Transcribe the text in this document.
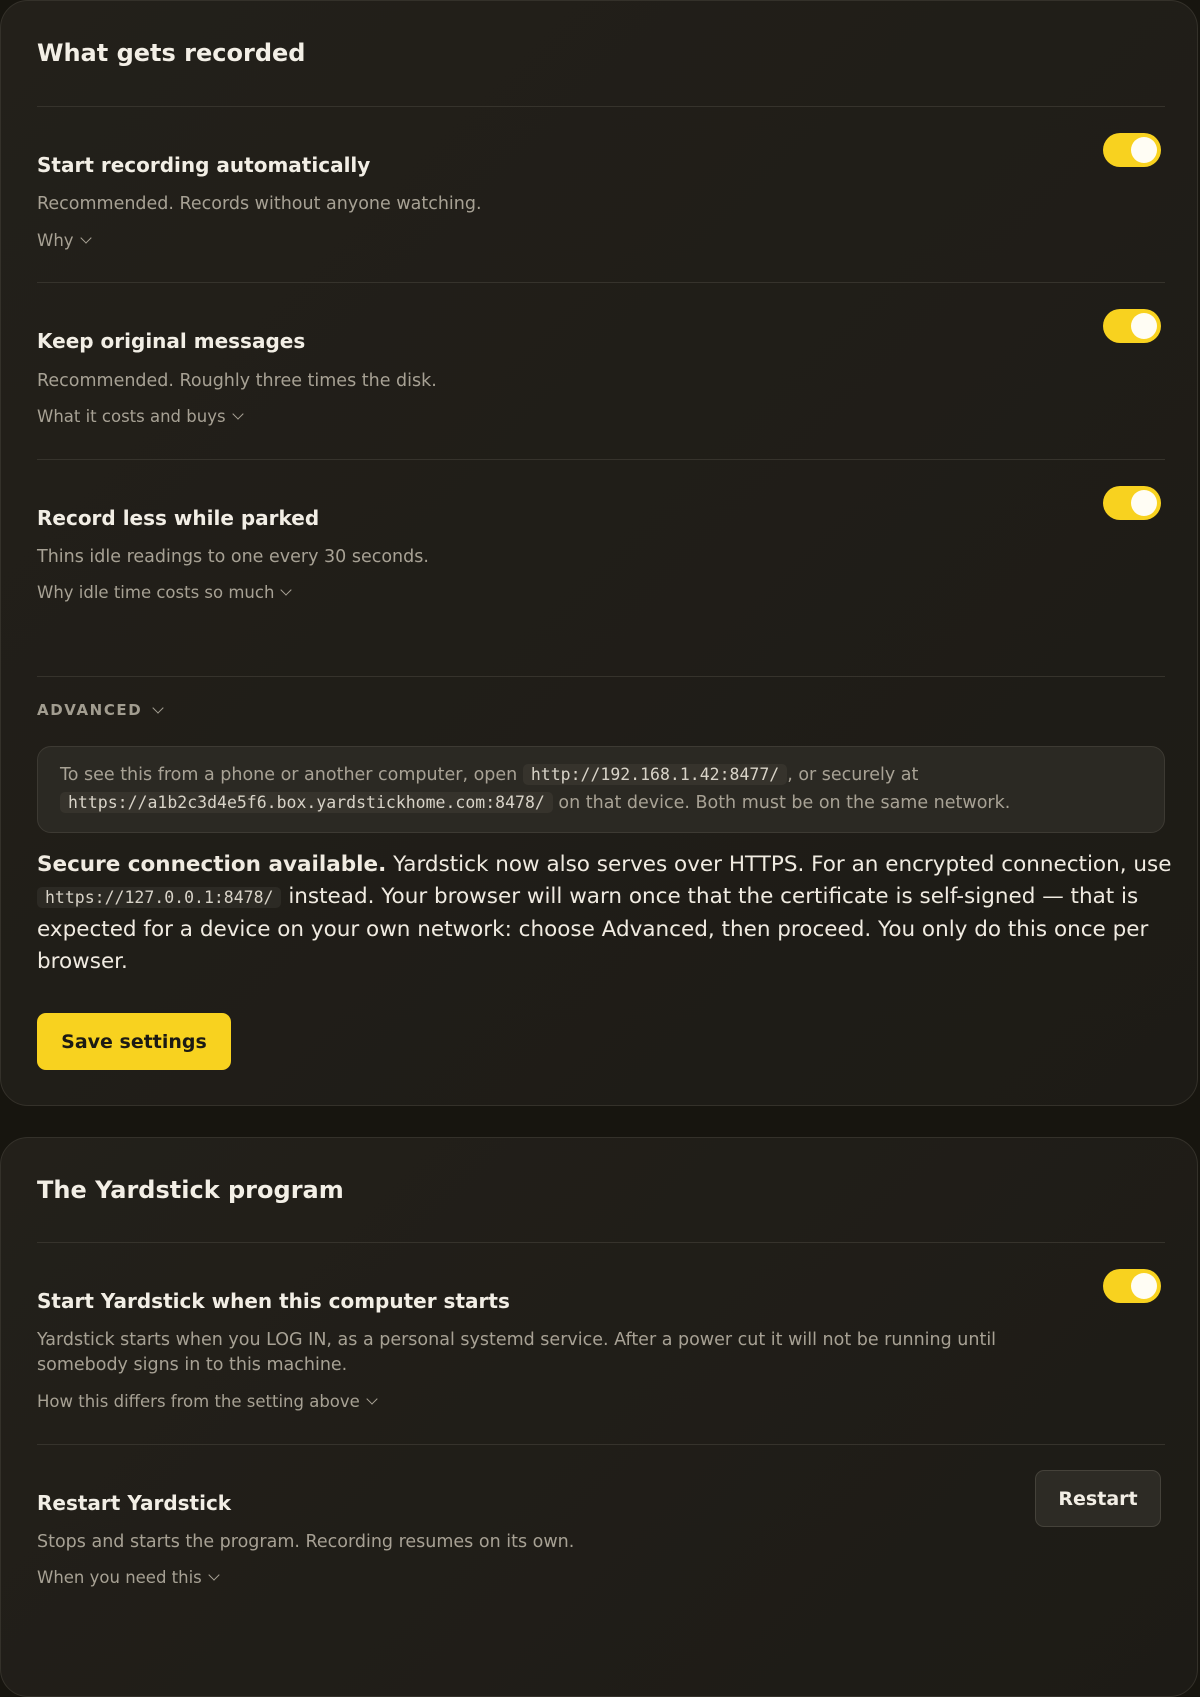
What gets recorded
Start recording automatically
Recommended. Records without anyone watching.
Why
Keep original messages
Recommended. Roughly three times the disk.
What it costs and buys
Record less while parked
Thins idle readings to one every 30 seconds.
Why idle time costs so much
ADVANCED
To see this from a phone or another computer, open http://192.168.1.42:8477/ , or securely at
https://a1b2c3d4e5f6.box.yardstickhome.com:8478/ on that device. Both must be on the same network.
Secure connection available. Yardstick now also serves over HTTPS. For an encrypted connection, use https://127.0.0.1:8478/ instead. Your browser will warn once that the certificate is self-signed — that is expected for a device on your own network: choose Advanced, then proceed. You only do this once per browser.
Save settings
The Yardstick program
Start Yardstick when this computer starts
Yardstick starts when you LOG IN, as a personal systemd service. After a power cut it will not be running until somebody signs in to this machine.
How this differs from the setting above
Restart Yardstick	Restart
Stops and starts the program. Recording resumes on its own.
When you need this
